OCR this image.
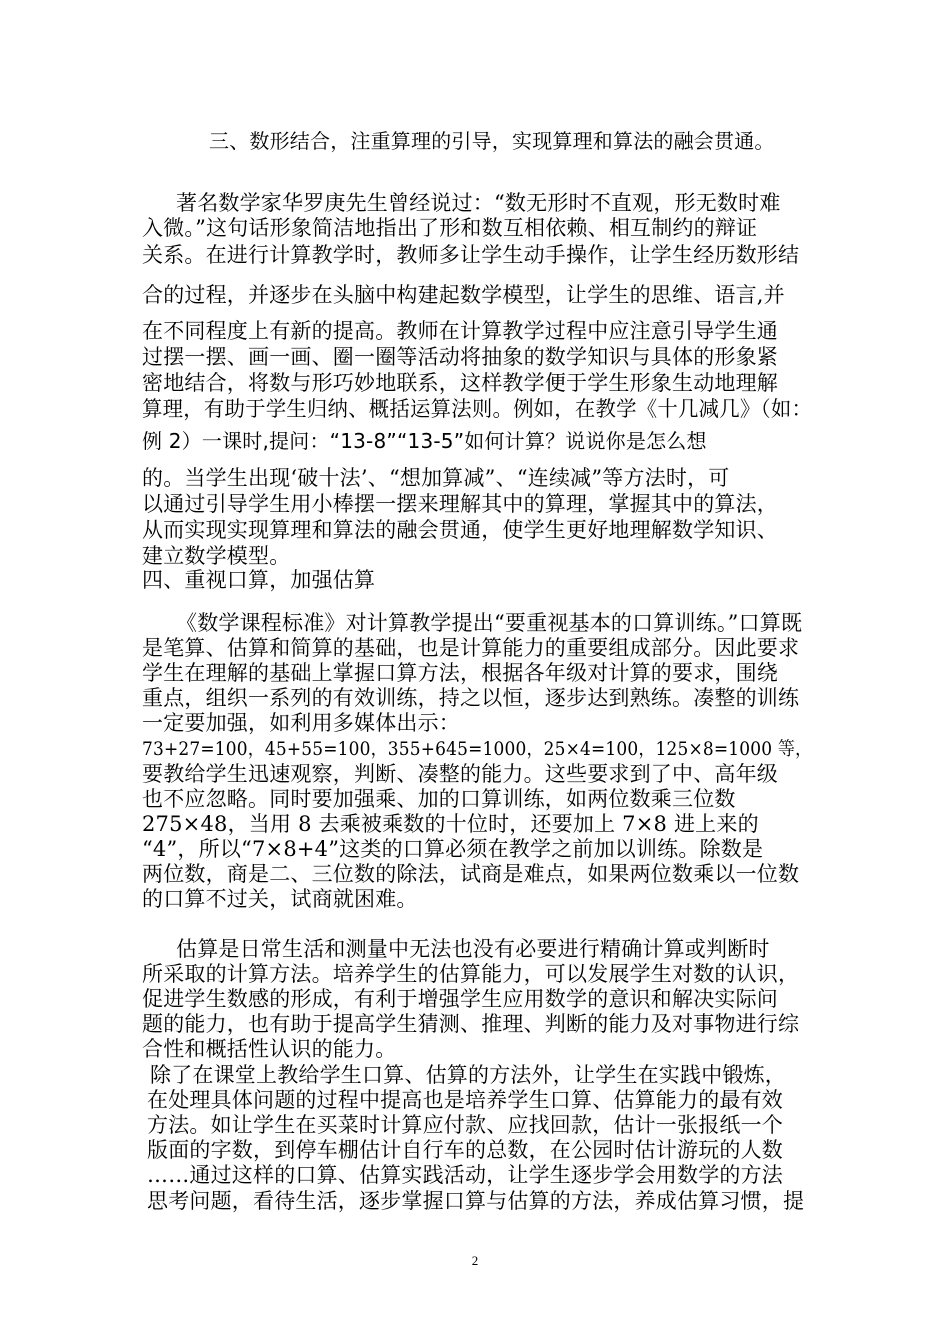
三、数形结合，注重算理的引导，实现算理和算法的融会贯通。
著名数学家华罗庚先生曾经说过：“数无形时不直观，形无数时难
入微。”这句话形象简洁地指出了形和数互相依赖、相互制约的辩证
关系。在进行计算教学时，教师多让学生动手操作，让学生经历数形结
合的过程，并逐步在头脑中构建起数学模型，让学生的思维、语言,并
在不同程度上有新的提高。教师在计算教学过程中应注意引导学生通
过摆一摆、画一画、圈一圈等活动将抽象的数学知识与具体的形象紧
密地结合，将数与形巧妙地联系，这样教学便于学生形象生动地理解
算理，有助于学生归纳、概括运算法则。例如，在教学《十几减几》（如：
例 2）一课时,提问：“13-8”“13-5”如何计算？说说你是怎么想
的。当学生出现‘破十法’、“想加算减”、“连续减”等方法时，可
以通过引导学生用小棒摆一摆来理解其中的算理，掌握其中的算法，
从而实现实现算理和算法的融会贯通，使学生更好地理解数学知识、
建立数学模型。
四、重视口算，加强估算
《数学课程标准》对计算教学提出“要重视基本的口算训练。”口算既
是笔算、估算和简算的基础，也是计算能力的重要组成部分。因此要求
学生在理解的基础上掌握口算方法，根据各年级对计算的要求，围绕
重点，组织一系列的有效训练，持之以恒，逐步达到熟练。凑整的训练
一定要加强，如利用多媒体出示：
73+27=100，45+55=100，355+645=1000，25×4=100，125×8=1000 等，
要教给学生迅速观察，判断、凑整的能力。这些要求到了中、高年级
也不应忽略。同时要加强乘、加的口算训练，如两位数乘三位数
275×48，当用 8 去乘被乘数的十位时，还要加上 7×8 进上来的
“4”，所以“7×8+4”这类的口算必须在教学之前加以训练。除数是
两位数，商是二、三位数的除法，试商是难点，如果两位数乘以一位数
的口算不过关，试商就困难。
估算是日常生活和测量中无法也没有必要进行精确计算或判断时
所采取的计算方法。培养学生的估算能力，可以发展学生对数的认识，
促进学生数感的形成，有利于增强学生应用数学的意识和解决实际问
题的能力，也有助于提高学生猜测、推理、判断的能力及对事物进行综
合性和概括性认识的能力。
除了在课堂上教给学生口算、估算的方法外，让学生在实践中锻炼，
在处理具体问题的过程中提高也是培养学生口算、估算能力的最有效
方法。如让学生在买菜时计算应付款、应找回款，估计一张报纸一个
版面的字数，到停车棚估计自行车的总数，在公园时估计游玩的人数
……通过这样的口算、估算实践活动，让学生逐步学会用数学的方法
思考问题，看待生活，逐步掌握口算与估算的方法，养成估算习惯，提
2
